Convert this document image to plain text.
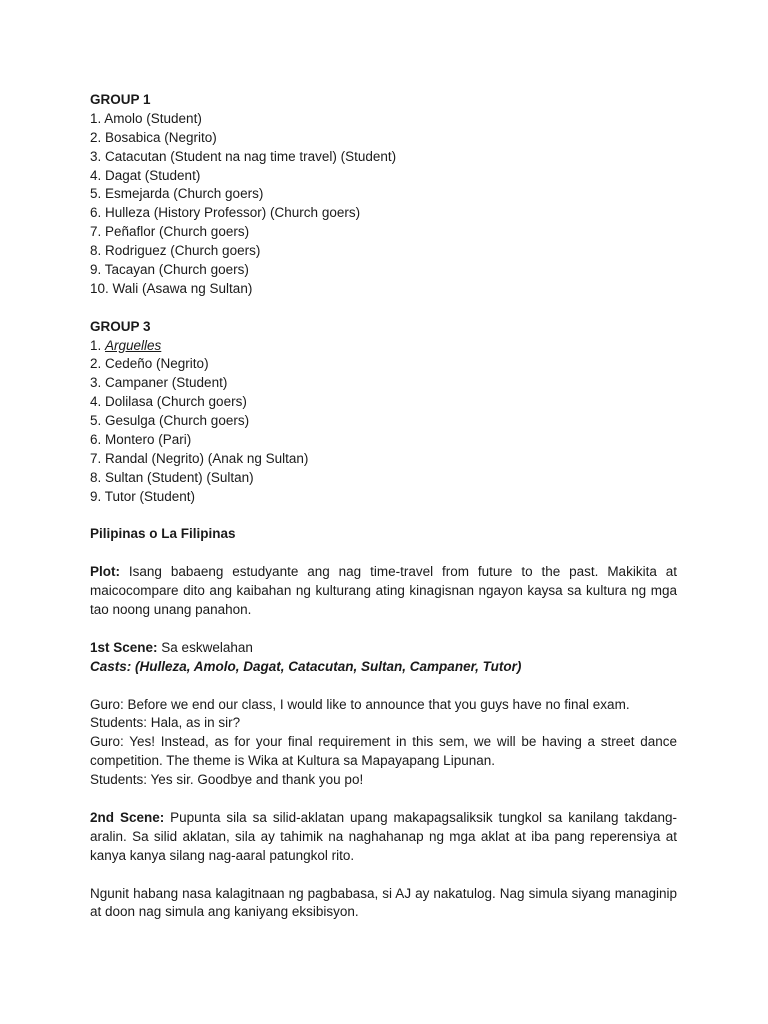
GROUP 1
1. Amolo (Student)
2. Bosabica (Negrito)
3. Catacutan (Student na nag time travel) (Student)
4. Dagat (Student)
5. Esmejarda (Church goers)
6. Hulleza (History Professor) (Church goers)
7. Peñaflor (Church goers)
8. Rodriguez (Church goers)
9. Tacayan (Church goers)
10. Wali (Asawa ng Sultan)
GROUP 3
1. Arguelles
2. Cedeño (Negrito)
3. Campaner (Student)
4. Dolilasa (Church goers)
5. Gesulga (Church goers)
6. Montero (Pari)
7. Randal (Negrito) (Anak ng Sultan)
8. Sultan (Student) (Sultan)
9. Tutor (Student)
Pilipinas o La Filipinas
Plot: Isang babaeng estudyante ang nag time-travel from future to the past. Makikita at maicocompare dito ang kaibahan ng kulturang ating kinagisnan ngayon kaysa sa kultura ng mga tao noong unang panahon.
1st Scene: Sa eskwelahan
Casts: (Hulleza, Amolo, Dagat, Catacutan, Sultan, Campaner, Tutor)
Guro: Before we end our class, I would like to announce that you guys have no final exam.
Students: Hala, as in sir?
Guro: Yes! Instead, as for your final requirement in this sem, we will be having a street dance competition. The theme is Wika at Kultura sa Mapayapang Lipunan.
Students: Yes sir. Goodbye and thank you po!
2nd Scene: Pupunta sila sa silid-aklatan upang makapagsaliksik tungkol sa kanilang takdang-aralin. Sa silid aklatan, sila ay tahimik na naghahanap ng mga aklat at iba pang reperensiya at kanya kanya silang nag-aaral patungkol rito.
Ngunit habang nasa kalagitnaan ng pagbabasa, si AJ ay nakatulog. Nag simula siyang managinip at doon nag simula ang kaniyang eksibisyon.
